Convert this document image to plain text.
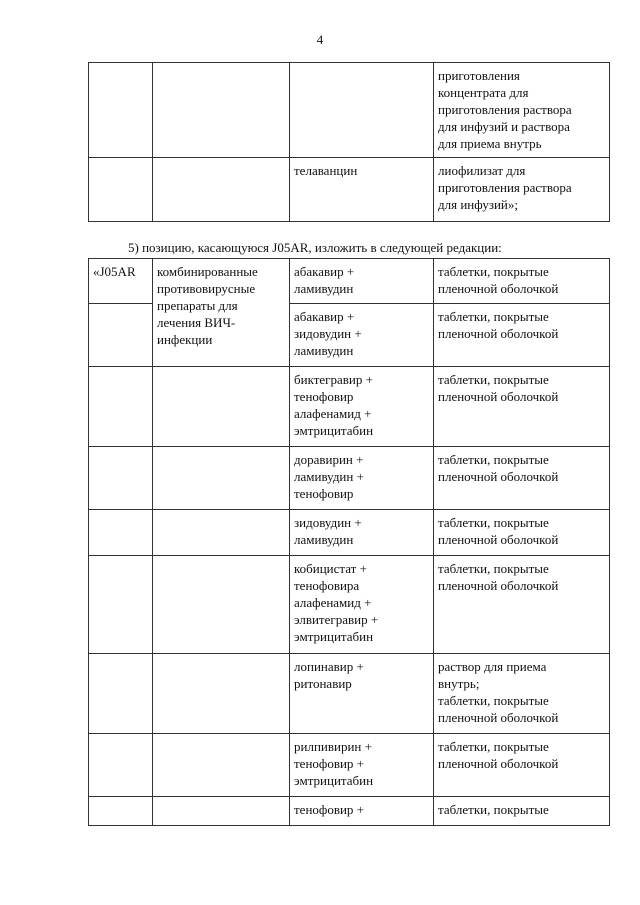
4
			приготовления
концентрата для
приготовления раствора
для инфузий и раствора
для приема внутрь
		телаванцин	лиофилизат для
приготовления раствора
для инфузий»;
5) позицию, касающуюся J05AR, изложить в следующей редакции:
«J05AR	комбинированные
противовирусные
препараты для
лечения ВИЧ-
инфекции	абакавир +
ламивудин	таблетки, покрытые
пленочной оболочкой
		абакавир +
зидовудин +
ламивудин	таблетки, покрытые
пленочной оболочкой
		биктегравир +
тенофовир
алафенамид +
эмтрицитабин	таблетки, покрытые
пленочной оболочкой
		доравирин +
ламивудин +
тенофовир	таблетки, покрытые
пленочной оболочкой
		зидовудин +
ламивудин	таблетки, покрытые
пленочной оболочкой
		кобицистат +
тенофовира
алафенамид +
элвитегравир +
эмтрицитабин	таблетки, покрытые
пленочной оболочкой
		лопинавир +
ритонавир	раствор для приема
внутрь;
таблетки, покрытые
пленочной оболочкой
		рилпивирин +
тенофовир +
эмтрицитабин	таблетки, покрытые
пленочной оболочкой
		тенофовир +	таблетки, покрытые
